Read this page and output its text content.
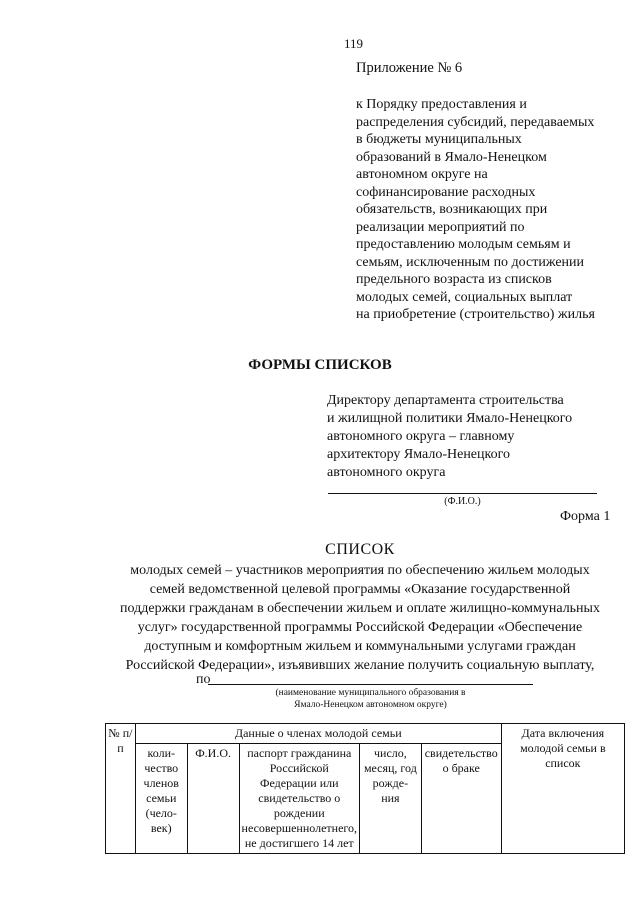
119
Приложение № 6
к Порядку предоставления и
распределения субсидий, передаваемых
в бюджеты муниципальных
образований в Ямало-Ненецком
автономном округе на
софинансирование расходных
обязательств, возникающих при
реализации мероприятий по
предоставлению молодым семьям и
семьям, исключенным по достижении
предельного возраста из списков
молодых семей, социальных выплат
на приобретение (строительство) жилья
ФОРМЫ СПИСКОВ
Директору департамента строительства
и жилищной политики Ямало-Ненецкого
автономного округа – главному
архитектору Ямало-Ненецкого
автономного округа
(Ф.И.О.)
Форма 1
СПИСОК
молодых семей – участников мероприятия по обеспечению жильем молодых
семей ведомственной целевой программы «Оказание государственной
поддержки гражданам в обеспечении жильем и оплате жилищно-коммунальных
услуг» государственной программы Российской Федерации «Обеспечение
доступным и комфортным жильем и коммунальными услугами граждан
Российской Федерации», изъявивших желание получить социальную выплату,
по
(наименование муниципального образования в
Ямало-Ненецком автономном округе)
№ п/п	Данные о членах молодой семьи					Дата включения молодой семьи в список
	коли- чество членов семьи (чело- век)	Ф.И.О.	паспорт гражданина Российской Федерации или свидетельство о рождении несовершеннолетнего, не достигшего 14 лет	число, месяц, год рожде- ния	свидетельство о браке	
